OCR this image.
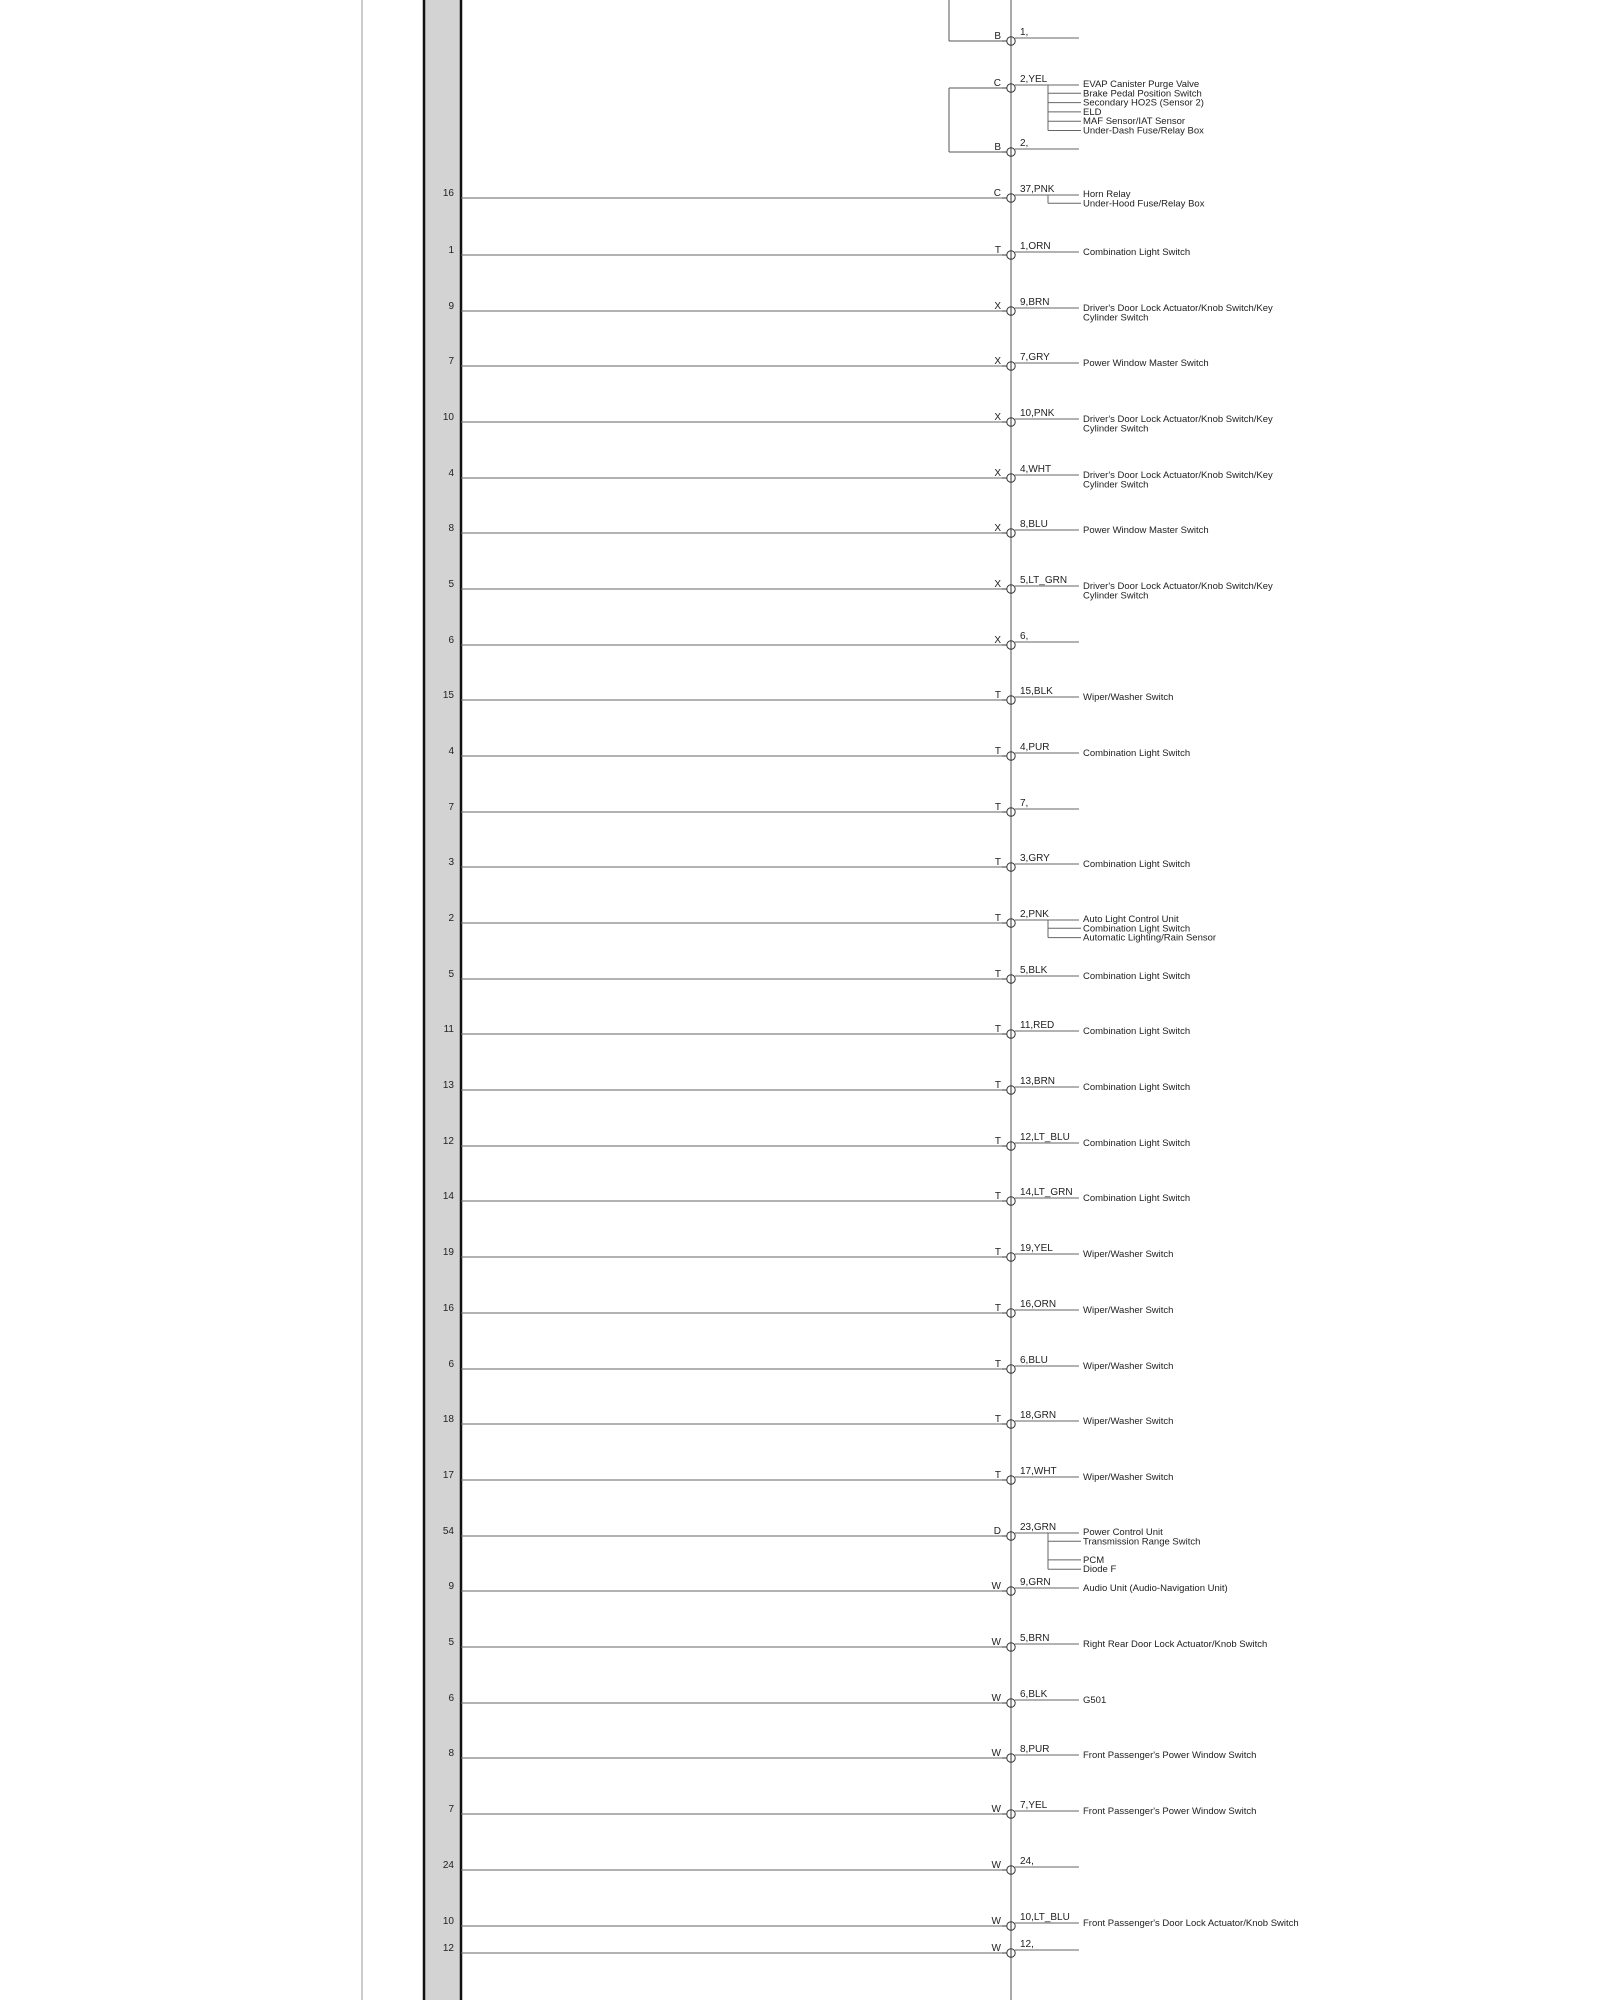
B 1,
C 2,YEL	EVAP Canister Purge Valve
Brake Pedal Position Switch
Secondary HO2S (Sensor 2)
ELD
MAF Sensor/IAT Sensor
Under-Dash Fuse/Relay Box
B 2,
16	C 37,PNK	Horn Relay
Under-Hood Fuse/Relay Box
1	T 1,ORN
Combination Light Switch
9	X 9,BRN
Driver's Door Lock Actuator/Knob Switch/Key
Cylinder Switch
7	X 7,GRY
Power Window Master Switch
10	X 10,PNK
Driver's Door Lock Actuator/Knob Switch/Key
Cylinder Switch
4	X 4,WHT
Driver's Door Lock Actuator/Knob Switch/Key
Cylinder Switch
8	X 8,BLU
Power Window Master Switch
5	X 5,LT_GRN
Driver's Door Lock Actuator/Knob Switch/Key
Cylinder Switch
6	X 6,
15	T 15,BLK
Wiper/Washer Switch
4	T 4,PUR
Combination Light Switch
7	T 7,
3	T 3,GRY
Combination Light Switch
2	T 2,PNK	Auto Light Control Unit
Combination Light Switch
Automatic Lighting/Rain Sensor
5	T 5,BLK
Combination Light Switch
11	T 11,RED
Combination Light Switch
13	T 13,BRN
Combination Light Switch
12	T 12,LT_BLU
Combination Light Switch
14	T 14,LT_GRN
Combination Light Switch
19	T 19,YEL
Wiper/Washer Switch
16	T 16,ORN
Wiper/Washer Switch
6	T 6,BLU
Wiper/Washer Switch
18	T 18,GRN
Wiper/Washer Switch
17	T 17,WHT
Wiper/Washer Switch
54	D 23,GRN	Power Control Unit
Transmission Range Switch
PCM
Diode F
9	W 9,GRN
Audio Unit (Audio-Navigation Unit)
5	W 5,BRN
Right Rear Door Lock Actuator/Knob Switch
6	W 6,BLK
G501
8	W 8,PUR
Front Passenger's Power Window Switch
7	W 7,YEL
Front Passenger's Power Window Switch
24	W 24,
10	W 10,LT_BLU
Front Passenger's Door Lock Actuator/Knob Switch
12	W 12,
